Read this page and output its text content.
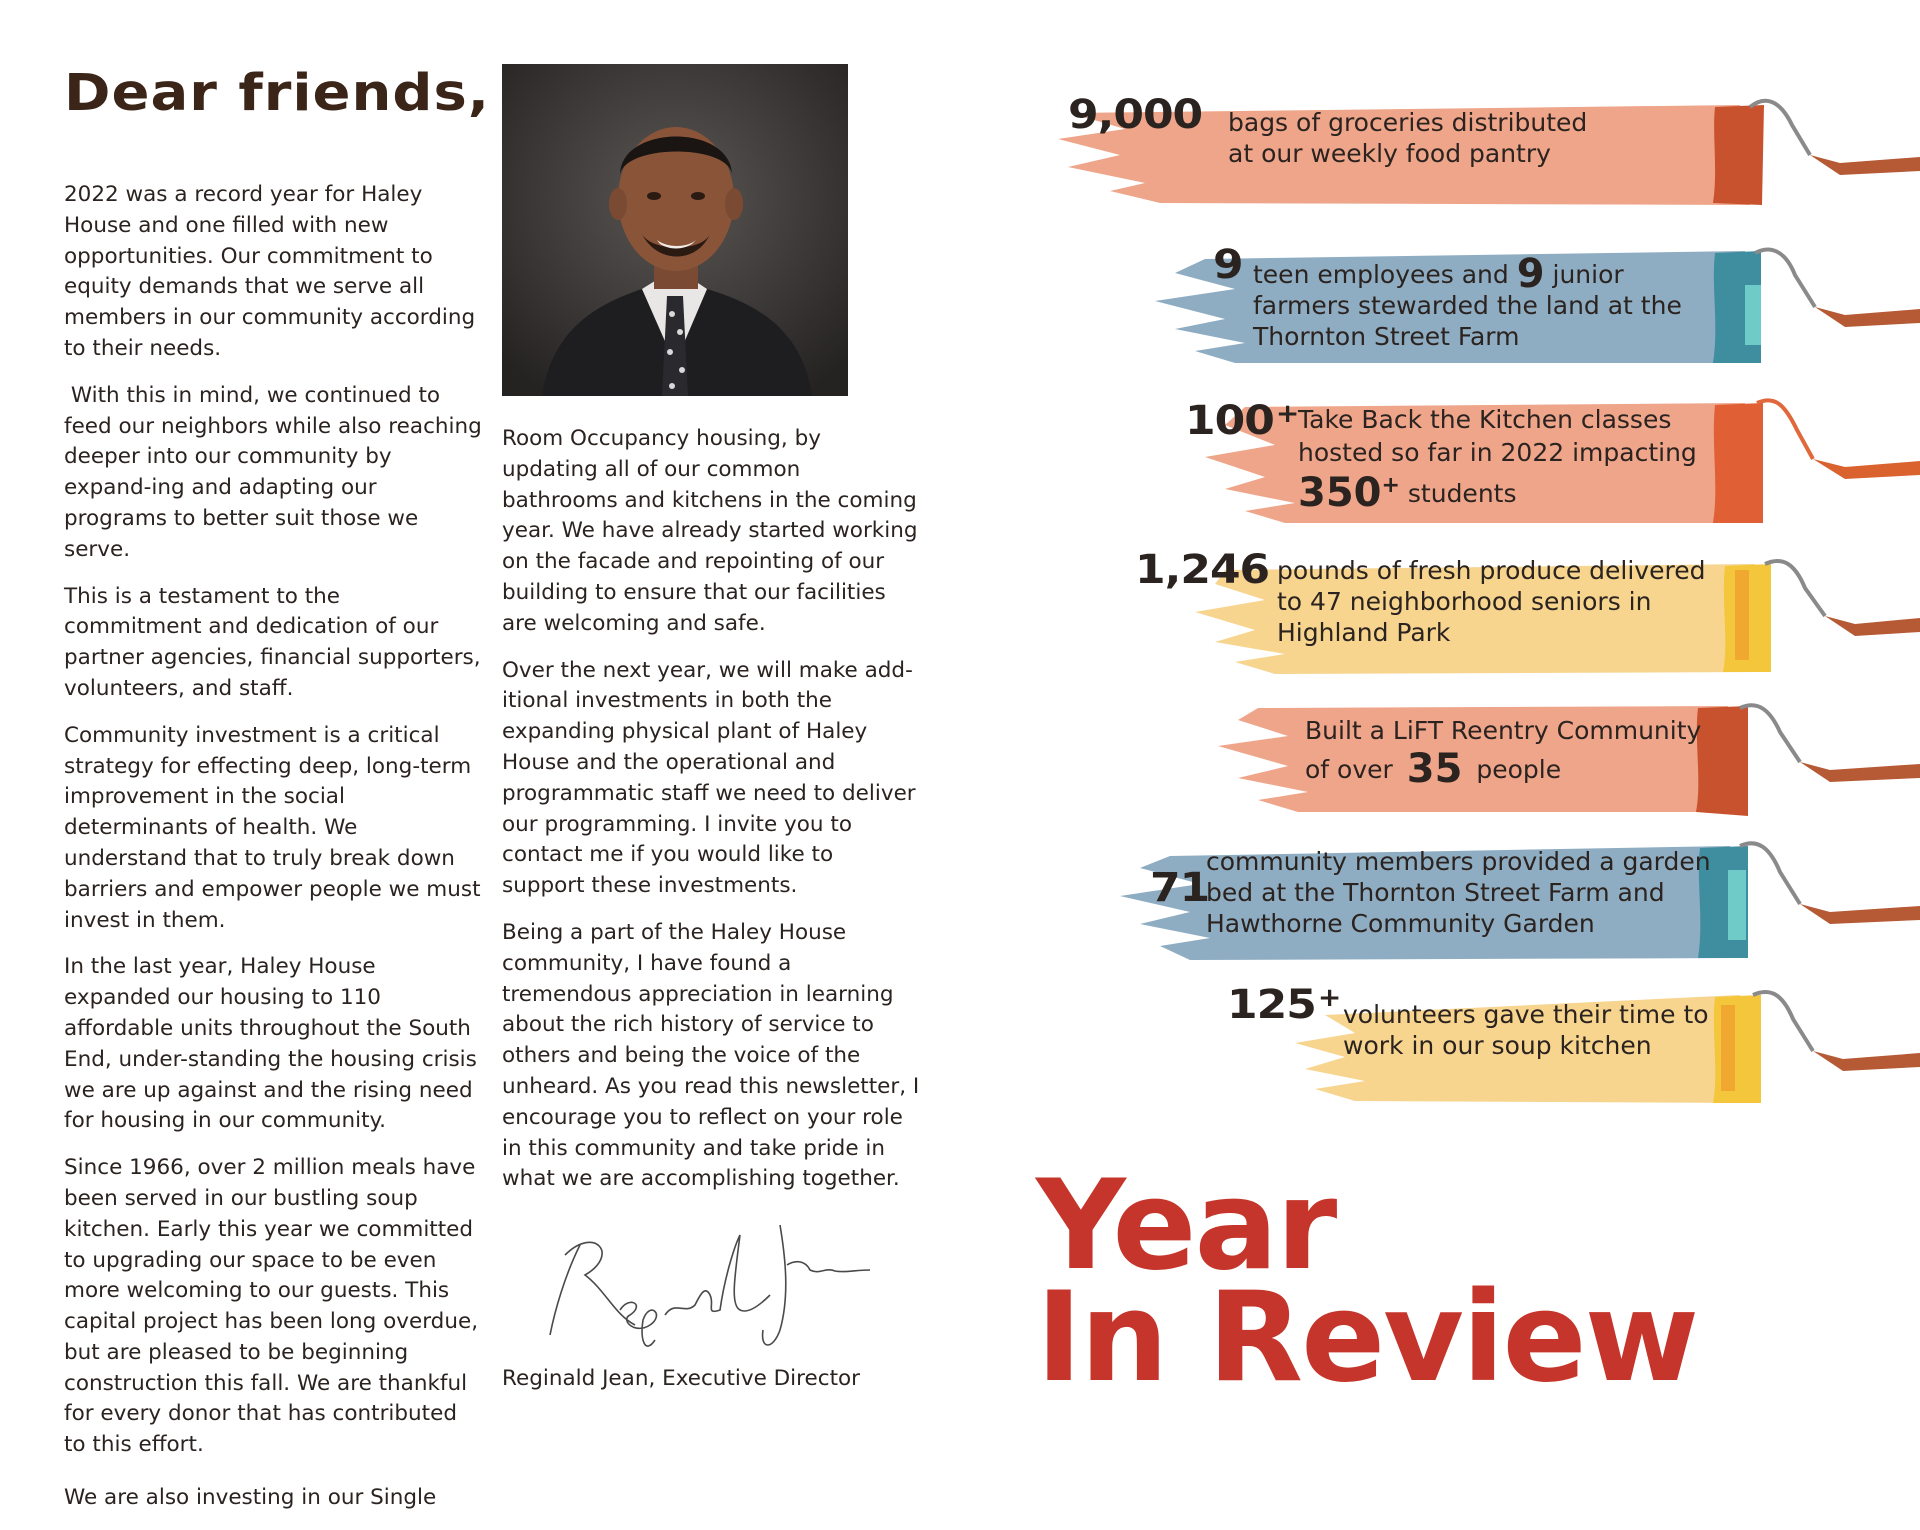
Dear friends,

2022 was a record year for Haley House and one filled with new opportunities. Our commitment to equity demands that we serve all members in our community according to their needs.

With this in mind, we continued to feed our neighbors while also reaching deeper into our community by expand-ing and adapting our programs to better suit those we serve.

This is a testament to the commitment and dedication of our partner agencies, financial supporters, volunteers, and staff.

Community investment is a critical strategy for effecting deep, long-term improvement in the social determinants of health. We understand that to truly break down barriers and empower people we must invest in them.

In the last year, Haley House expanded our housing to 110 affordable units throughout the South End, under-standing the housing crisis we are up against and the rising need for housing in our community.

Since 1966, over 2 million meals have been served in our bustling soup kitchen. Early this year we committed to upgrading our space to be even more welcoming to our guests. This capital project has been long overdue, but are pleased to be beginning construction this fall. We are thankful for every donor that has contributed to this effort.

We are also investing in our Single

Room Occupancy housing, by updating all of our common bathrooms and kitchens in the coming year. We have already started working on the facade and repointing of our building to ensure that our facilities are welcoming and safe.

Over the next year, we will make add-itional investments in both the expanding physical plant of Haley House and the operational and programmatic staff we need to deliver our programming. I invite you to contact me if you would like to support these investments.

Being a part of the Haley House community, I have found a tremendous appreciation in learning about the rich history of service to others and being the voice of the unheard. As you read this newsletter, I encourage you to reflect on your role in this community and take pride in what we are accomplishing together.

Reginald Jean, Executive Director

9,000 bags of groceries distributed
at our weekly food pantry
9 teen employees and 9 junior
farmers stewarded the land at the
Thornton Street Farm
100+ Take Back the Kitchen classes
hosted so far in 2022 impacting
350+ students
1,246 pounds of fresh produce delivered
to 47 neighborhood seniors in
Highland Park
Built a LiFT Reentry Community
of over 35 people
71
community members provided a garden
bed at the Thornton Street Farm and
Hawthorne Community Garden
125+
volunteers gave their time to
work in our soup kitchen
Year
In Review
